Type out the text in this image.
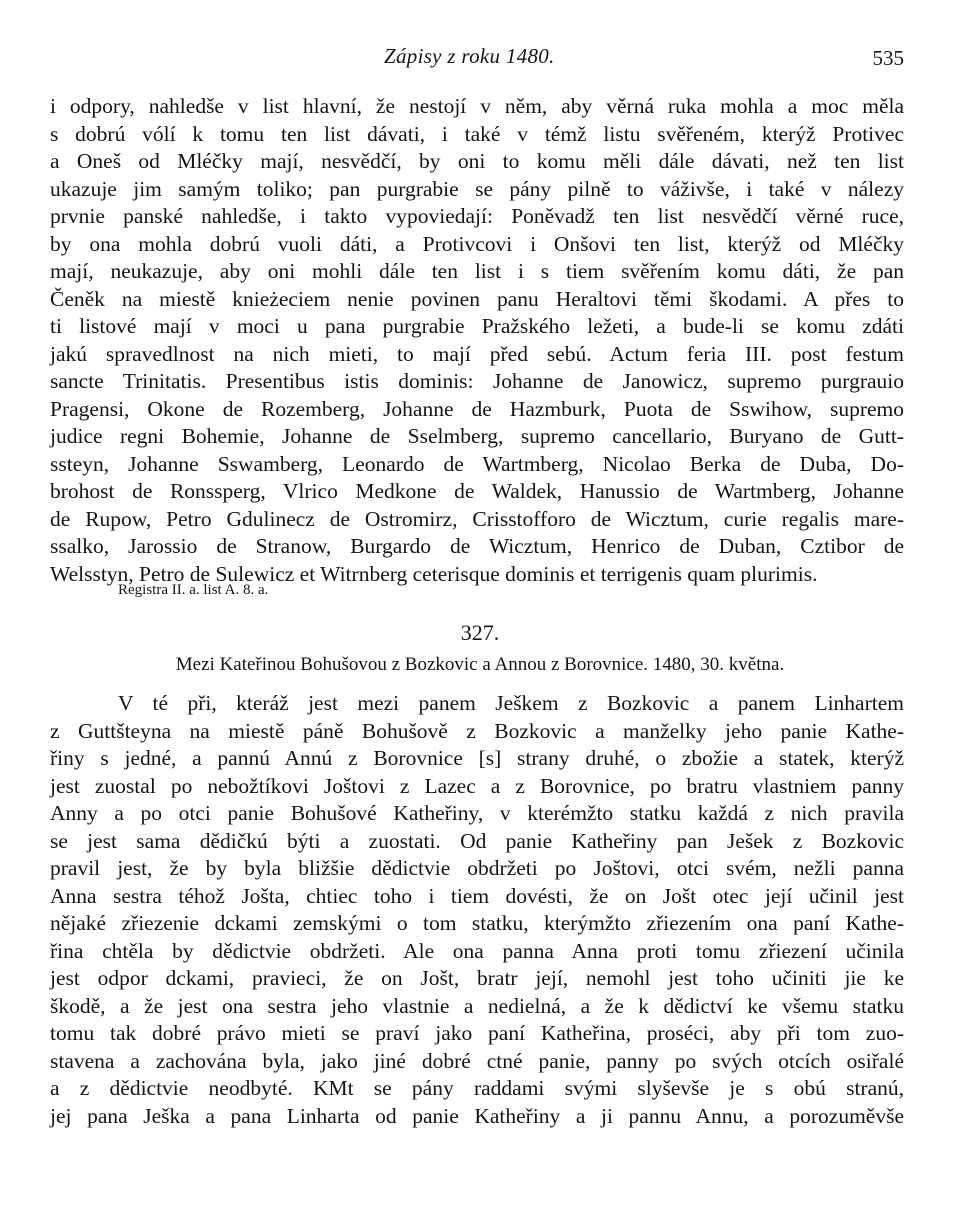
Zápisy z roku 1480.	535
i odpory, nahledše v list hlavní, že nestojí v něm, aby věrná ruka mohla a moc měla
s dobrú vólí k tomu ten list dávati, i také v témž listu svěřeném, kterýž Protivec
a Oneš od Mléčky mají, nesvědčí, by oni to komu měli dále dávati, než ten list
ukazuje jim samým toliko; pan purgrabie se pány pilně to váživše, i také v nálezy
prvnie panské nahledše, i takto vypoviedají: Poněvadž ten list nesvědčí věrné ruce,
by ona mohla dobrú vuoli dáti, a Protivcovi i Onšovi ten list, kterýž od Mléčky
mají, neukazuje, aby oni mohli dále ten list i s tiem svěřením komu dáti, že pan
Čeněk na miestě knieżeciem nenie povinen panu Heraltovi těmi škodami. A přes to
ti listové mají v moci u pana purgrabie Pražského ležeti, a bude-li se komu zdáti
jakú spravedlnost na nich mieti, to mají před sebú. Actum feria III. post festum
sancte Trinitatis. Presentibus istis dominis: Johanne de Janowicz, supremo purgrauio
Pragensi, Okone de Rozemberg, Johanne de Hazmburk, Puota de Sswihow, supremo
judice regni Bohemie, Johanne de Sselmberg, supremo cancellario, Buryano de Gutt-
ssteyn, Johanne Sswamberg, Leonardo de Wartmberg, Nicolao Berka de Duba, Do-
brohost de Ronssperg, Vlrico Medkone de Waldek, Hanussio de Wartmberg, Johanne
de Rupow, Petro Gdulinecz de Ostromirz, Crisstofforo de Wicztum, curie regalis mare-
ssalko, Jarossio de Stranow, Burgardo de Wicztum, Henrico de Duban, Cztibor de
Welsstyn, Petro de Sulewicz et Witrnberg ceterisque dominis et terrigenis quam plurimis.
Registra II. a. list A. 8. a.
327.
Mezi Kateřinou Bohušovou z Bozkovic a Annou z Borovnice. 1480, 30. května.
V té při, kteráž jest mezi panem Ješkem z Bozkovic a panem Linhartem
z Guttšteyna na miestě páně Bohušově z Bozkovic a manželky jeho panie Kathe-
řiny s jedné, a pannú Annú z Borovnice [s] strany druhé, o zbožie a statek, kterýž
jest zuostal po nebožtíkovi Joštovi z Lazec a z Borovnice, po bratru vlastniem panny
Anny a po otci panie Bohušové Katheřiny, v kterémžto statku každá z nich pravila
se jest sama dědičkú býti a zuostati. Od panie Katheřiny pan Ješek z Bozkovic
pravil jest, že by byla bližšie dědictvie obdržeti po Joštovi, otci svém, nežli panna
Anna sestra téhož Jošta, chtiec toho i tiem dovésti, že on Jošt otec její učinil jest
nějaké zřiezenie dckami zemskými o tom statku, kterýmžto zřiezením ona paní Kathe-
řina chtěla by dědictvie obdržeti. Ale ona panna Anna proti tomu zřiezení učinila
jest odpor dckami, pravieci, že on Jošt, bratr její, nemohl jest toho učiniti jie ke
škodě, a že jest ona sestra jeho vlastnie a nedielná, a že k dědictví ke všemu statku
tomu tak dobré právo mieti se praví jako paní Katheřina, proséci, aby při tom zuo-
stavena a zachována byla, jako jiné dobré ctné panie, panny po svých otcích osiřalé
a z dědictvie neodbyté. KMt se pány raddami svými slyševše je s obú stranú,
jej pana Ješka a pana Linharta od panie Katheřiny a ji pannu Annu, a porozuměvše
